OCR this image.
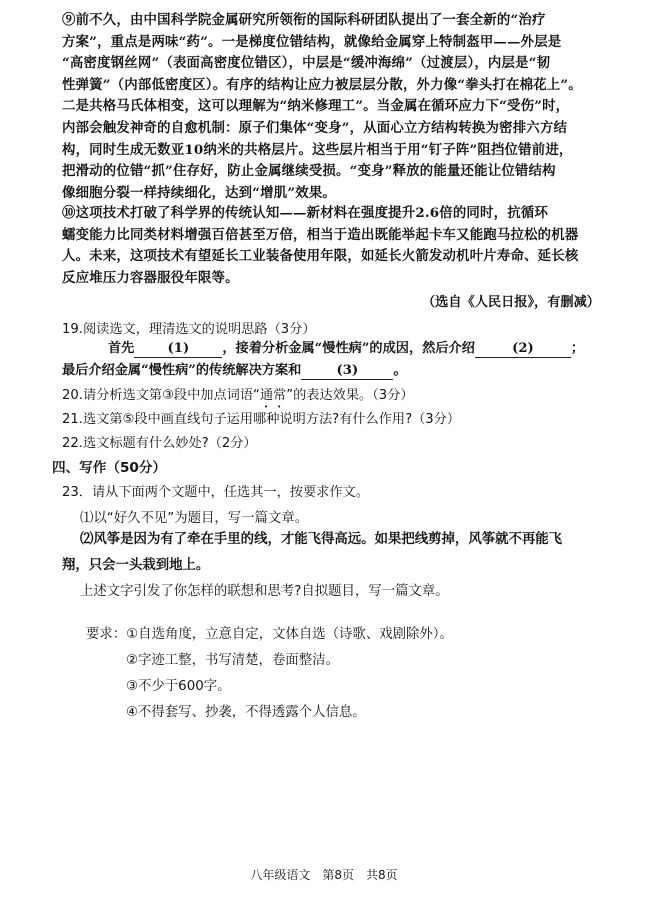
⑨前不久，由中国科学院金属研究所领衔的国际科研团队提出了一套全新的“治疗
方案”，重点是两味“药”。一是梯度位错结构，就像给金属穿上特制盔甲——外层是
“高密度钢丝网”（表面高密度位错区），中层是“缓冲海绵”（过渡层），内层是“韧
性弹簧”（内部低密度区）。有序的结构让应力被层层分散，外力像“拳头打在棉花上”。
二是共格马氏体相变，这可以理解为“纳米修理工”。当金属在循环应力下“受伤”时，
内部会触发神奇的自愈机制：原子们集体“变身”，从面心立方结构转换为密排六方结
构，同时生成无数亚10纳米的共格层片。这些层片相当于用“钉子阵”阻挡位错前进，
把滑动的位错“抓”住存好，防止金属继续受损。“变身”释放的能量还能让位错结构
像细胞分裂一样持续细化，达到“增肌”效果。
⑩这项技术打破了科学界的传统认知——新材料在强度提升2.6倍的同时，抗循环
蠕变能力比同类材料增强百倍甚至万倍，相当于造出既能举起卡车又能跑马拉松的机器
人。未来，这项技术有望延长工业装备使用年限，如延长火箭发动机叶片寿命、延长核
反应堆压力容器服役年限等。
（选自《人民日报》，有删减）
19.阅读选文，理清选文的说明思路（3分）
首先	(1)	，接着分析金属“慢性病”的成因，然后介绍	(2)	；
最后介绍金属“慢性病”的传统解决方案和	(3)	。
20.请分析选文第③段中加点词语“通常”的表达效果。（3分）
21.选文第⑤段中画直线句子运用哪种说明方法?有什么作用?（3分）
22.选文标题有什么妙处?（2分）
四、写作（50分）
23．请从下面两个文题中，任选其一，按要求作文。
⑴以“好久不见”为题目，写一篇文章。
⑵风筝是因为有了牵在手里的线，才能飞得高远。如果把线剪掉，风筝就不再能飞
翔，只会一头栽到地上。
上述文字引发了你怎样的联想和思考?自拟题目，写一篇文章。
要求：①自选角度，立意自定，文体自选（诗歌、戏剧除外）。
②字迹工整，书写清楚，卷面整洁。
③不少于600字。
④不得套写、抄袭，不得透露个人信息。
八年级语文　第8页　共8页
